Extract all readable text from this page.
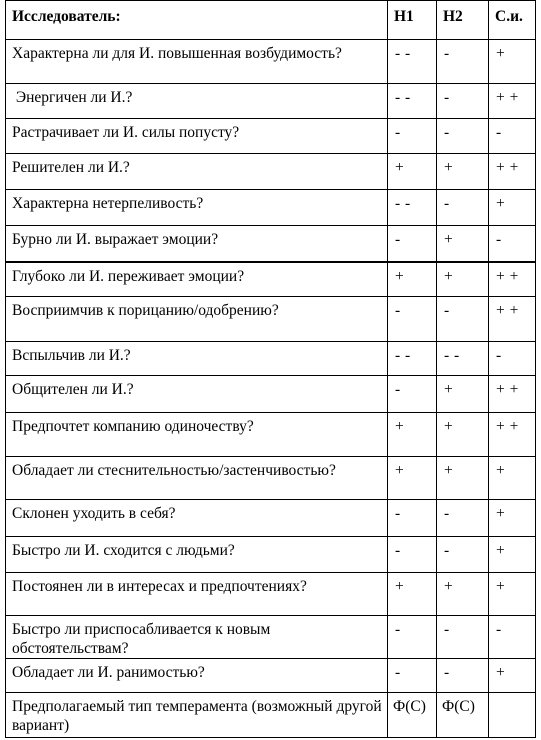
Исследователь:	Н1	Н2	С.и.
Характерна ли для И. повышенная возбудимость?	- -	-	+
Энергичен ли И.?	- -	-	+ +
Растрачивает ли И. силы попусту?	-	-	-
Решителен ли И.?	+	+	+ +
Характерна нетерпеливость?	- -	-	+
Бурно ли И. выражает эмоции?	-	+	-
Глубоко ли И. переживает эмоции?	+	+	+ +
Восприимчив к порицанию/одобрению?	-	-	+ +
Вспыльчив ли И.?	- -	- -	-
Общителен ли И.?	-	+	+ +
Предпочтет компанию одиночеству?	+	+	+ +
Обладает ли стеснительностью/застенчивостью?	+	+	+
Склонен уходить в себя?	-	-	+
Быстро ли И. сходится с людьми?	-	-	+
Постоянен ли в интересах и предпочтениях?	+	+	+
Быстро ли приспосабливается к новым обстоятельствам?	-	-	-
Обладает ли И. ранимостью?	-	-	+
Предполагаемый тип темперамента (возможный другой вариант)	Ф(С)	Ф(С)	
